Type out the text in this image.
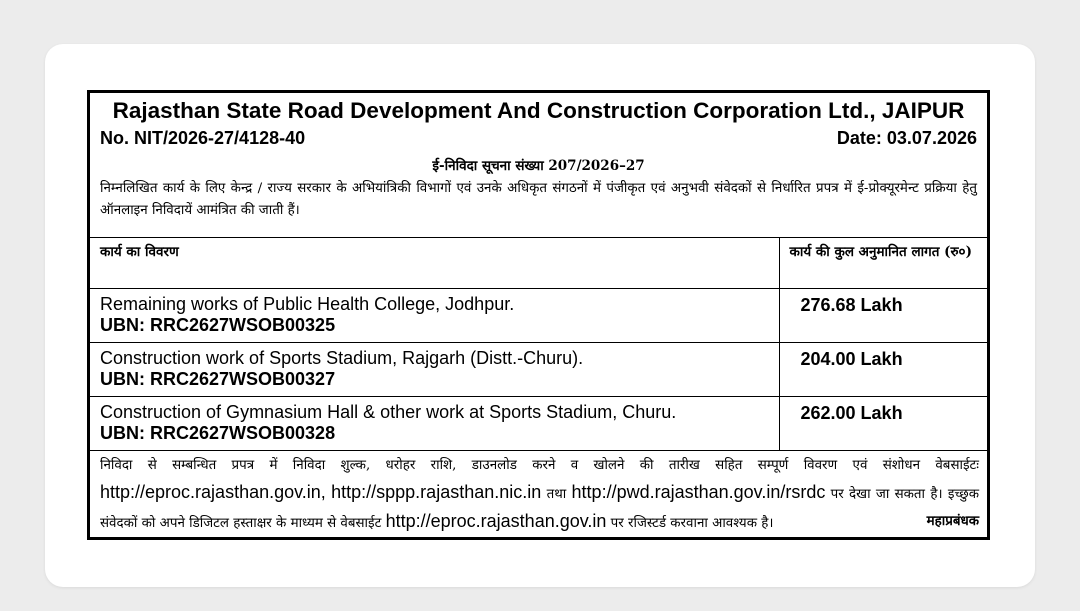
Rajasthan State Road Development And Construction Corporation Ltd., JAIPUR
No. NIT/2026-27/4128-40	Date: 03.07.2026
ई-निविदा सूचना संख्या 207/2026–27
निम्नलिखित कार्य के लिए केन्द्र / राज्य सरकार के अभियांत्रिकी विभागों एवं उनके अधिकृत संगठनों में पंजीकृत एवं अनुभवी संवेदकों से निर्धारित प्रपत्र में ई-प्रोक्यूरमेन्ट प्रक्रिया हेतु ऑनलाइन निविदायें आमंत्रित की जाती हैं।
कार्य का विवरण	कार्य की कुल अनुमानित लागत (रु०)

Remaining works of Public Health College, Jodhpur.
UBN: RRC2627WSOB00325	276.68 Lakh

Construction work of Sports Stadium, Rajgarh (Distt.-Churu).
UBN: RRC2627WSOB00327	204.00 Lakh

Construction of Gymnasium Hall & other work at Sports Stadium, Churu.
UBN: RRC2627WSOB00328	262.00 Lakh
निविदा से सम्बन्धित प्रपत्र में निविदा शुल्क, धरोहर राशि, डाउनलोड करने व खोलने की तारीख सहित सम्पूर्ण विवरण एवं संशोधन वेबसाईटः http://eproc.rajasthan.gov.in, http://sppp.rajasthan.nic.in तथा http://pwd.rajasthan.gov.in/rsrdc पर देखा जा सकता है। इच्छुक संवेदकों को अपने डिजिटल हस्ताक्षर के माध्यम से वेबसाईट http://eproc.rajasthan.gov.in पर रजिस्टर्ड करवाना आवश्यक है।	महाप्रबंधक
